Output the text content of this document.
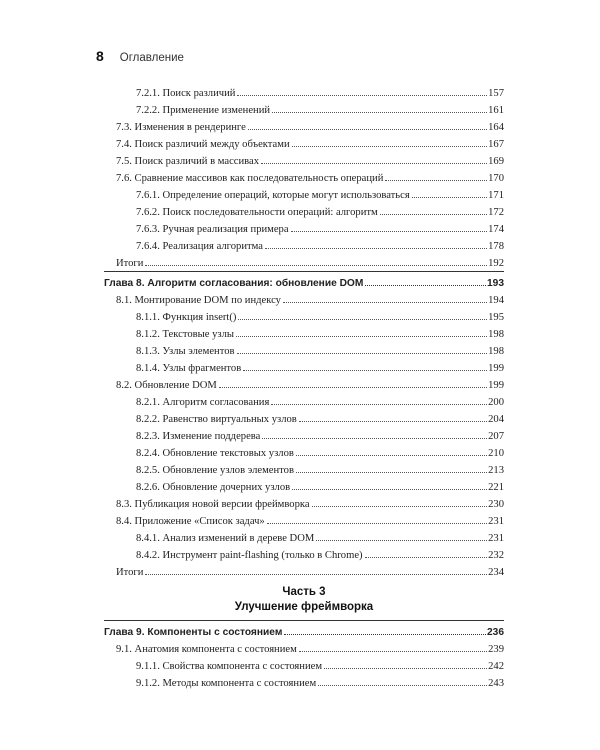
8 Оглавление
7.2.1. Поиск различий	157
7.2.2. Применение изменений	161
7.3. Изменения в рендеринге	164
7.4. Поиск различий между объектами	167
7.5. Поиск различий в массивах	169
7.6. Сравнение массивов как последовательность операций	170
7.6.1. Определение операций, которые могут использоваться	171
7.6.2. Поиск последовательности операций: алгоритм	172
7.6.3. Ручная реализация примера	174
7.6.4. Реализация алгоритма	178
Итоги	192
Глава 8. Алгоритм согласования: обновление DOM	193
8.1. Монтирование DOM по индексу	194
8.1.1. Функция insert()	195
8.1.2. Текстовые узлы	198
8.1.3. Узлы элементов	198
8.1.4. Узлы фрагментов	199
8.2. Обновление DOM	199
8.2.1. Алгоритм согласования	200
8.2.2. Равенство виртуальных узлов	204
8.2.3. Изменение поддерева	207
8.2.4. Обновление текстовых узлов	210
8.2.5. Обновление узлов элементов	213
8.2.6. Обновление дочерних узлов	221
8.3. Публикация новой версии фреймворка	230
8.4. Приложение «Список задач»	231
8.4.1. Анализ изменений в дереве DOM	231
8.4.2. Инструмент paint-flashing (только в Chrome)	232
Итоги	234
Часть 3
Улучшение фреймворка
Глава 9. Компоненты с состоянием	236
9.1. Анатомия компонента с состоянием	239
9.1.1. Свойства компонента с состоянием	242
9.1.2. Методы компонента с состоянием	243
